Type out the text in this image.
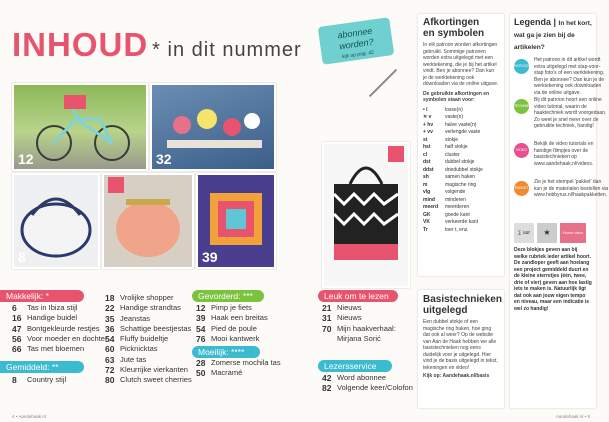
INHOUD * in dit nummer
abonnee
worden?
kijk op pag. 42
12	32
8
44
39
54
Makkelijk: *
6	Tas in Ibiza stijl
16 Handige buidel
47 Bontgekleurde restjes
56 Voor moeder en dochter
66 Tas met bloemen
Gemiddeld: **
8	Country stijl
18 Vrolijke shopper
22 Handige strandtas
35 Jeanstas
36 Schattige beestjestas
54 Fluffy buideltje
60 Picknicktas
63 Jute tas
72 Kleurrijke vierkanten
80 Clutch sweet cherries
Gevorderd: ***
12 Pimp je fiets
39 Haak een breitas
54 Pied de poule
76 Mooi kantwerk
Moeilijk: ****
28 Zomerse mochila tas
50 Macramé
Leuk om te lezen
21 Nieuws
31 Nieuws
70 Mijn haakverhaal:
Mirjana Sorić
Lezersservice
42 Word abonnee
82 Volgende keer/Colofon
Afkortingen
en symbolen

In elk patroon worden afkortingen gebruikt. Sommige patronen worden extra uitgelegd met een werktekening, die je bij het artikel vindt. Ben je abonnee? Dan kun je de werktekening ook downloaden via de online uitgave.

De gebruikte afkortingen en symbolen staan voor:

• l	losse(n)
✕ v	vaste(n)
+ hv	halve vaste(n)
+ vv	verlengde vaste
st	stokje
hst	half stokje
cl	cluster
dst	dubbel stokje
ddst	driedubbel stokje
sh	samen haken
m	magische ring
vlg	volgende
mind	minderen
meerd	meerderen
GK	goede kant
VK	verkeerde kant
Tr	toer t, enz.
Basistechnieken
uitgelegd

Een dubbel stokje of een magische ring haken, hoe ging dat ook al weer? Op de website van Aan de Haak hebben we alle basistechnieken nog eens duidelijk voor je uitgelegd. Hier vind je de basis uitgelegd in tekst, tekeningen en video!

Kijk op: Aandehaak.nl/basis

Legenda | In het kort, wat ga je zien bij de artikelen?
PATROON

Het patroon in dit artikel wordt extra uitgelegd met stap-voor-stap foto's of een werktekening. Ben je abonnee? Dan kun je de werktekening ook downloaden via de online uitgave.

TECHNIEK

Bij dit patroon hoort een online video tutorial, waarin de haaktechniek wordt voorgedaan. Zo weet je snel meer over de gebruikte techniek, handig!

VIDEO

Bekijk de video tutorials en handige filmpjes over de basistechnieken op www.aandehaak.nl/videos.

PAKKET

Zie je het stempel 'pakket' dan kun je de materialen bestellen via www.hobbyrus.nl/haakpakketten.

∑ uur	★	Home deco

Deze blokjes geven aan bij welke rubriek ieder artikel hoort. De zandloper geeft aan hoelang een project gemiddeld duurt en de kleine sterretjes (één, twee, drie of vier) geven aan hoe lastig iets te maken is. Natuurlijk ligt dat ook aan jouw eigen tempo en niveau, maar een indicatie is wel zo handig!

4 • Aandehaak.nl	Aandehaak.nl • 5
